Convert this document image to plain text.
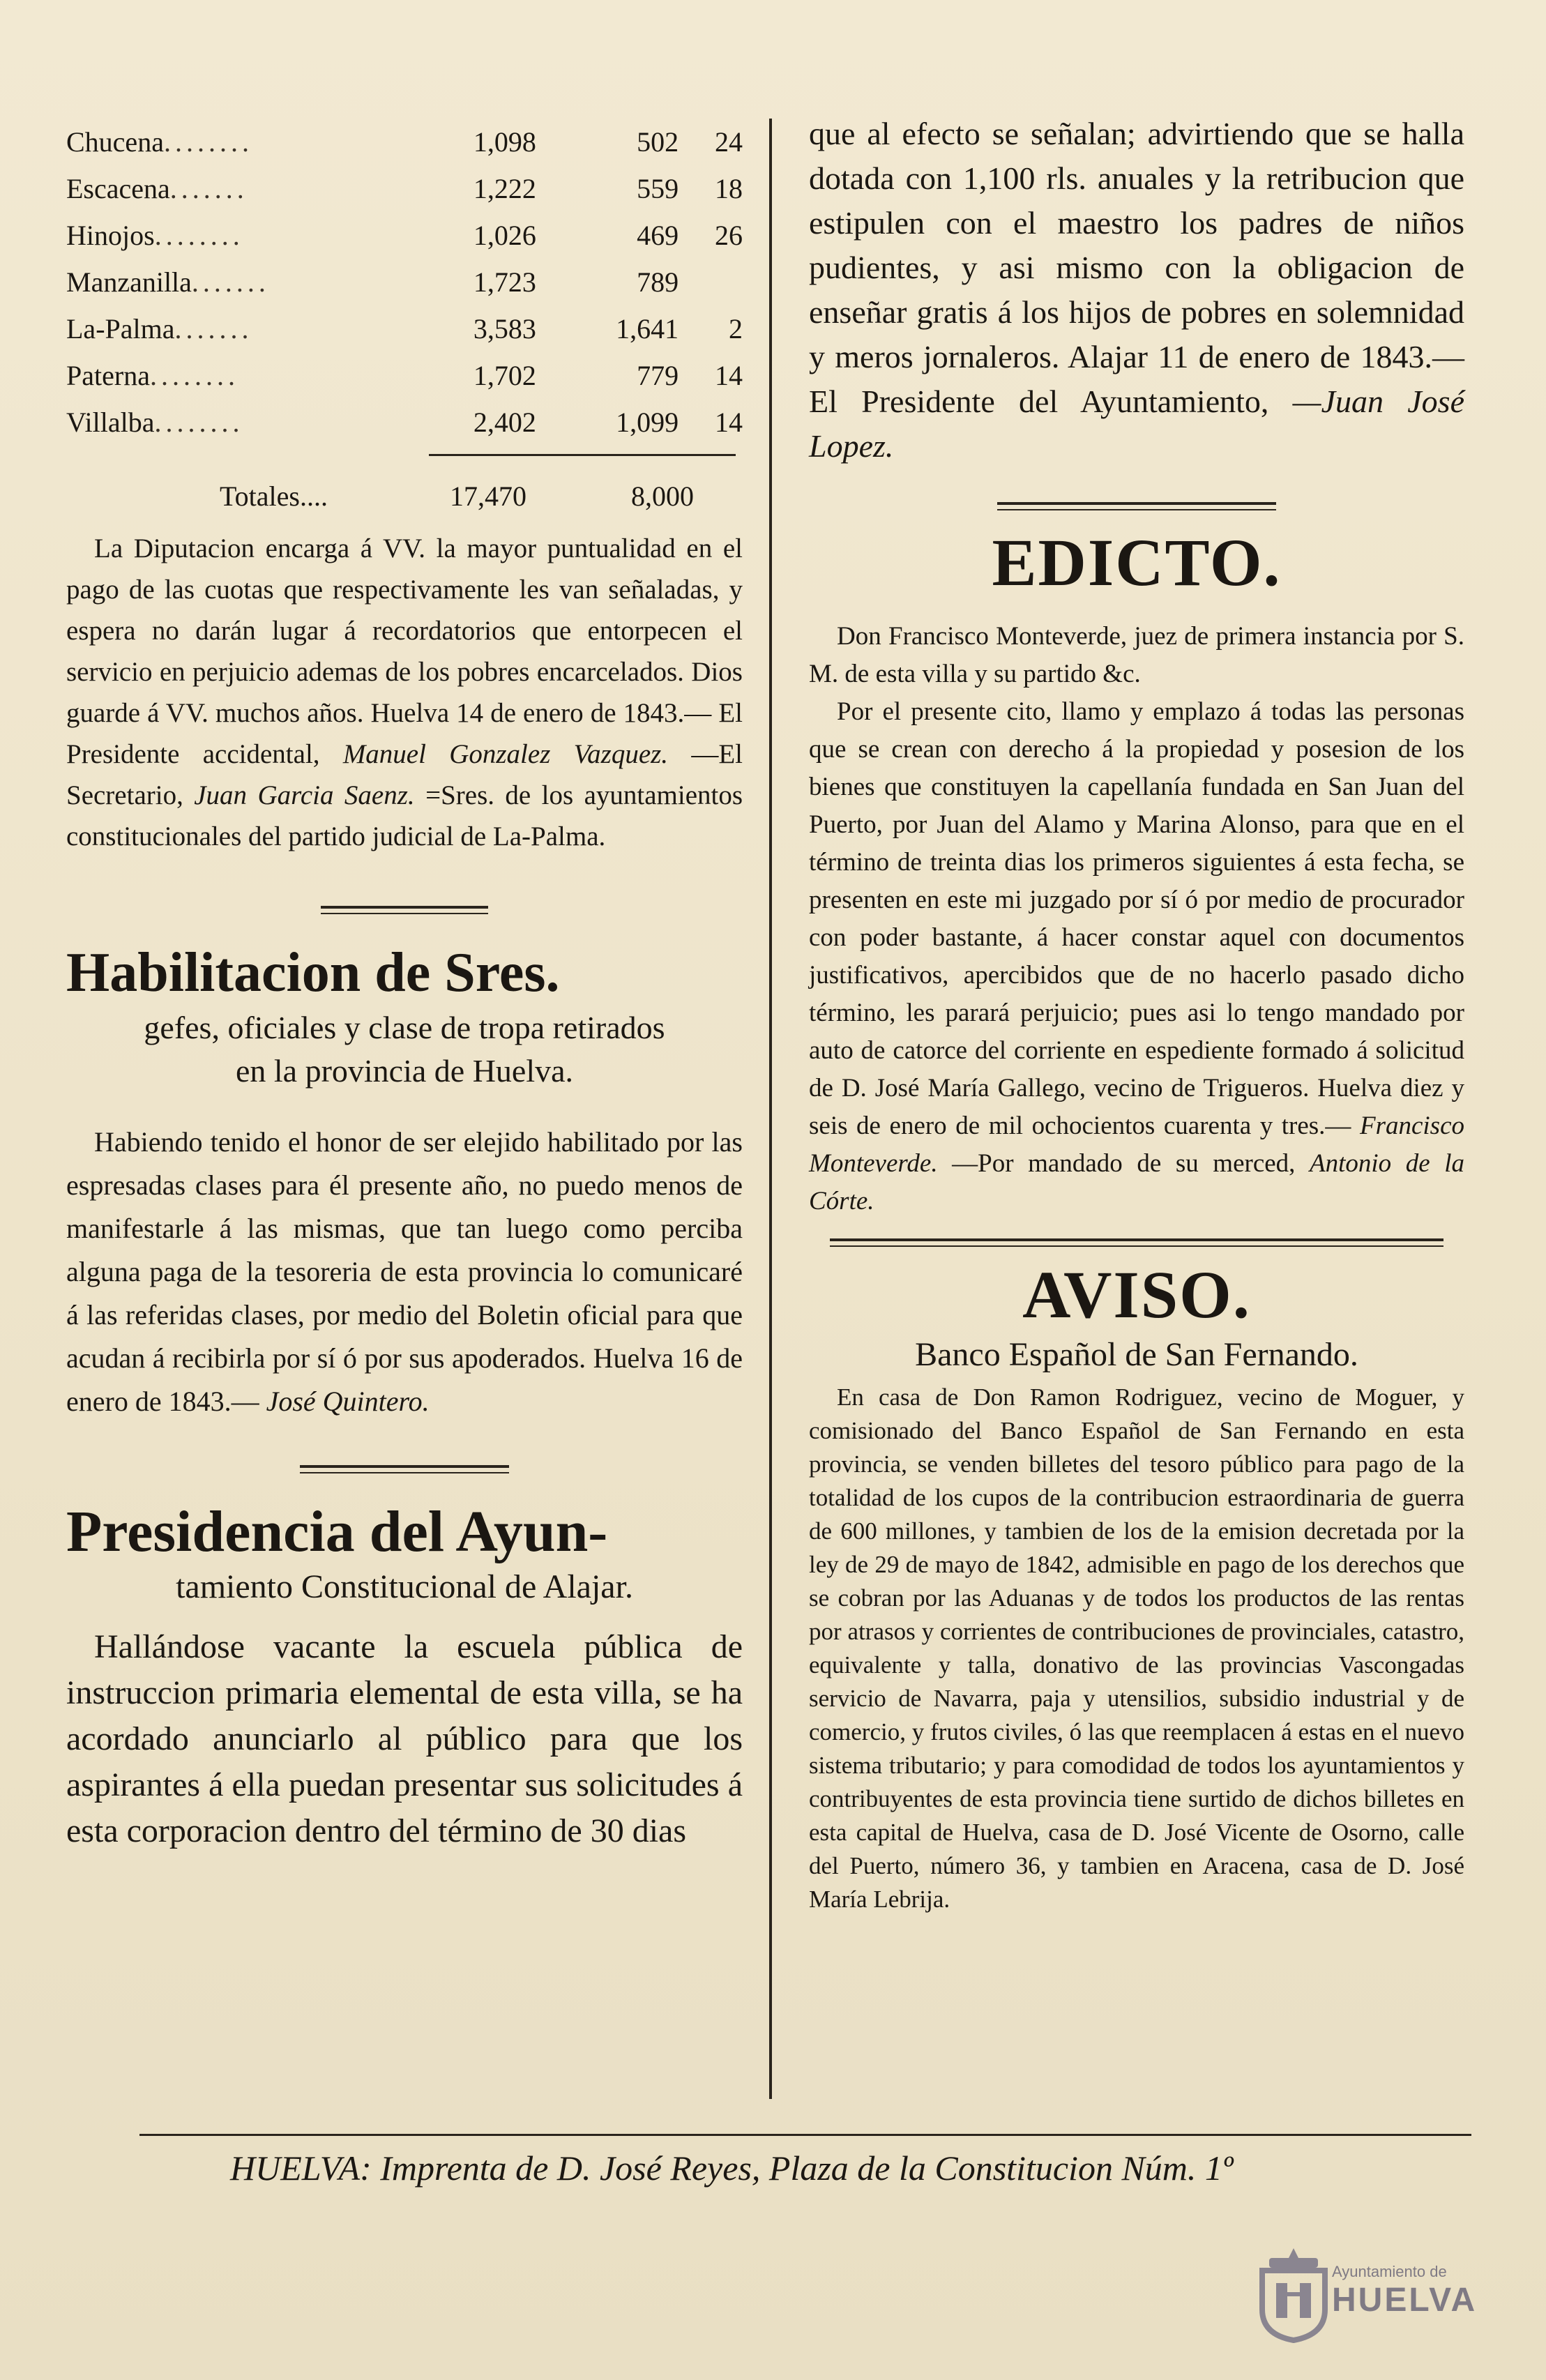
Chucena........	1,098	502	24
Escacena.......	1,222	559	18
Hinojos........	1,026	469	26
Manzanilla.......	1,723	789	
La-Palma.......	3,583	1,641	2
Paterna........	1,702	779	14
Villalba........	2,402	1,099	14
Totales....	17,470	8,000

La Diputacion encarga á VV. la mayor puntualidad en el pago de las cuotas que respectivamente les van señaladas, y espera no darán lugar á recordatorios que entorpecen el servicio en perjuicio ademas de los pobres encarcelados. Dios guarde á VV. muchos años. Huelva 14 de enero de 1843.— El Presidente accidental, Manuel Gonzalez Vazquez. —El Secretario, Juan Garcia Saenz. =Sres. de los ayuntamientos constitucionales del partido judicial de La-Palma.

Habilitacion de Sres.
gefes, oficiales y clase de tropa retirados
en la provincia de Huelva.

Habiendo tenido el honor de ser elejido habilitado por las espresadas clases para él presente año, no puedo menos de manifestarle á las mismas, que tan luego como perciba alguna paga de la tesoreria de esta provincia lo comunicaré á las referidas clases, por medio del Boletin oficial para que acudan á recibirla por sí ó por sus apoderados. Huelva 16 de enero de 1843.— José Quintero.

Presidencia del Ayun-
tamiento Constitucional de Alajar.

Hallándose vacante la escuela pública de instruccion primaria elemental de esta villa, se ha acordado anunciarlo al público para que los aspirantes á ella puedan presentar sus solicitudes á esta corporacion dentro del término de 30 dias

que al efecto se señalan; advirtiendo que se halla dotada con 1,100 rls. anuales y la retribucion que estipulen con el maestro los padres de niños pudientes, y asi mismo con la obligacion de enseñar gratis á los hijos de pobres en solemnidad y meros jornaleros. Alajar 11 de enero de 1843.—El Presidente del Ayuntamiento, —Juan José Lopez.

EDICTO.

Don Francisco Monteverde, juez de primera instancia por S. M. de esta villa y su partido &c.

Por el presente cito, llamo y emplazo á todas las personas que se crean con derecho á la propiedad y posesion de los bienes que constituyen la capellanía fundada en San Juan del Puerto, por Juan del Alamo y Marina Alonso, para que en el término de treinta dias los primeros siguientes á esta fecha, se presenten en este mi juzgado por sí ó por medio de procurador con poder bastante, á hacer constar aquel con documentos justificativos, apercibidos que de no hacerlo pasado dicho término, les parará perjuicio; pues asi lo tengo mandado por auto de catorce del corriente en espediente formado á solicitud de D. José María Gallego, vecino de Trigueros. Huelva diez y seis de enero de mil ochocientos cuarenta y tres.— Francisco Monteverde. —Por mandado de su merced, Antonio de la Córte.

AVISO.
Banco Español de San Fernando.

En casa de Don Ramon Rodriguez, vecino de Moguer, y comisionado del Banco Español de San Fernando en esta provincia, se venden billetes del tesoro público para pago de la totalidad de los cupos de la contribucion estraordinaria de guerra de 600 millones, y tambien de los de la emision decretada por la ley de 29 de mayo de 1842, admisible en pago de los derechos que se cobran por las Aduanas y de todos los productos de las rentas por atrasos y corrientes de contribuciones de provinciales, catastro, equivalente y talla, donativo de las provincias Vascongadas servicio de Navarra, paja y utensilios, subsidio industrial y de comercio, y frutos civiles, ó las que reemplacen á estas en el nuevo sistema tributario; y para comodidad de todos los ayuntamientos y contribuyentes de esta provincia tiene surtido de dichos billetes en esta capital de Huelva, casa de D. José Vicente de Osorno, calle del Puerto, número 36, y tambien en Aracena, casa de D. José María Lebrija.

HUELVA: Imprenta de D. José Reyes, Plaza de la Constitucion Núm. 1º
Ayuntamiento de
HUELVA
